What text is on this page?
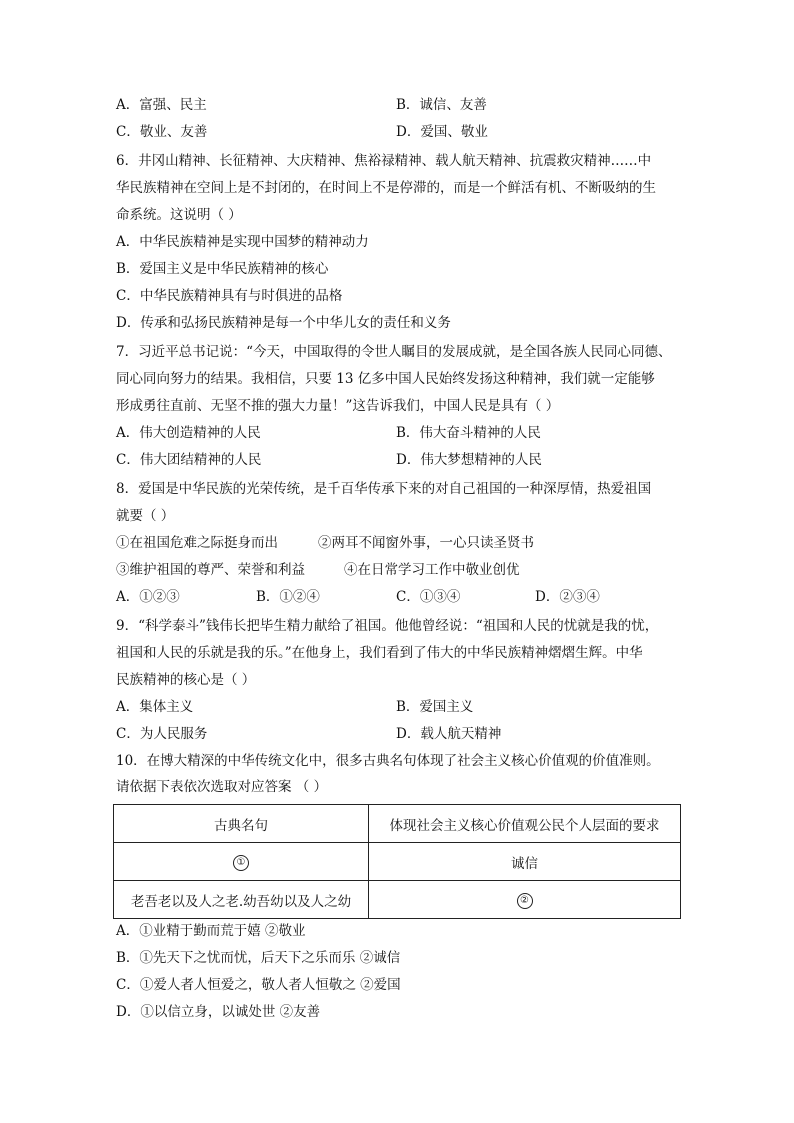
A．富强、民主	B．诚信、友善
C．敬业、友善	D．爱国、敬业
6．井冈山精神、长征精神、大庆精神、焦裕禄精神、载人航天精神、抗震救灾精神……中
华民族精神在空间上是不封闭的，在时间上不是停滞的，而是一个鲜活有机、不断吸纳的生
命系统。这说明（ ）
A．中华民族精神是实现中国梦的精神动力
B．爱国主义是中华民族精神的核心
C．中华民族精神具有与时俱进的品格
D．传承和弘扬民族精神是每一个中华儿女的责任和义务
7．习近平总书记说：“今天，中国取得的令世人瞩目的发展成就，是全国各族人民同心同德、
同心同向努力的结果。我相信，只要 13 亿多中国人民始终发扬这种精神，我们就一定能够
形成勇往直前、无坚不推的强大力量！”这告诉我们，中国人民是具有（ ）
A．伟大创造精神的人民	B．伟大奋斗精神的人民
C．伟大团结精神的人民	D．伟大梦想精神的人民
8．爱国是中华民族的光荣传统，是千百华传承下来的对自己祖国的一种深厚情，热爱祖国
就要（ ）
①在祖国危难之际挺身而出	②两耳不闻窗外事，一心只读圣贤书
③维护祖国的尊严、荣誉和利益	④在日常学习工作中敬业创优
A．①②③	B．①②④	C．①③④	D．②③④
9．“科学泰斗”钱伟长把毕生精力献给了祖国。他他曾经说：“祖国和人民的忧就是我的忧，
祖国和人民的乐就是我的乐。”在他身上，我们看到了伟大的中华民族精神熠熠生辉。中华
民族精神的核心是（ ）
A．集体主义	B．爱国主义
C．为人民服务	D．载人航天精神
10．在博大精深的中华传统文化中，很多古典名句体现了社会主义核心价值观的价值准则。
请依据下表依次选取对应答案 （ ）
古典名句	体现社会主义核心价值观公民个人层面的要求
①	诚信
老吾老以及人之老.幼吾幼以及人之幼	②
A．①业精于勤而荒于嬉 ②敬业
B．①先天下之忧而忧，后天下之乐而乐 ②诚信
C．①爱人者人恒爱之，敬人者人恒敬之 ②爱国
D．①以信立身，以诚处世 ②友善
